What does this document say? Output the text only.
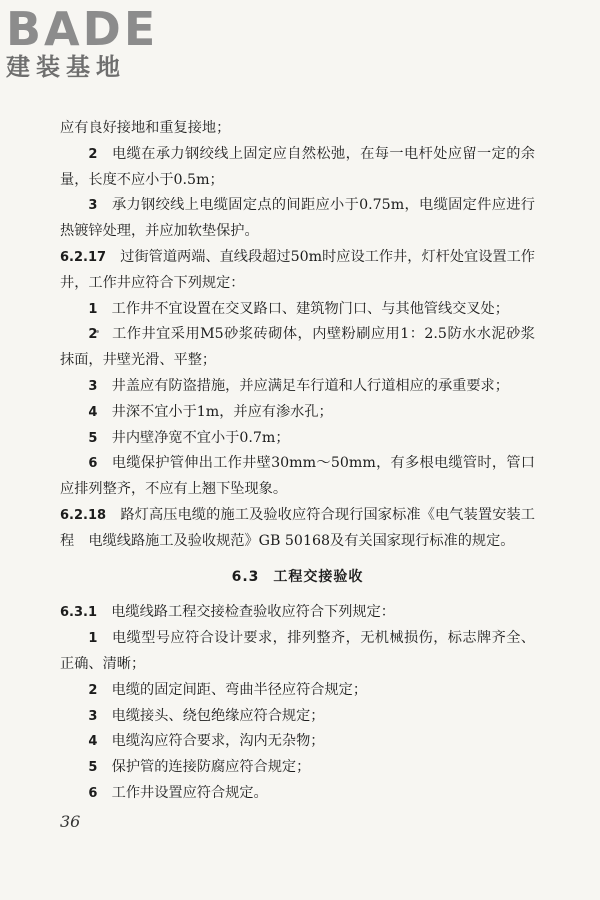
BADE
建装基地

应有良好接地和重复接地；

2  电缆在承力钢绞线上固定应自然松弛，在每一电杆处应留一定的余量，长度不应小于0.5m；

3  承力钢绞线上电缆固定点的间距应小于0.75m，电缆固定件应进行热镀锌处理，并应加软垫保护。

6.2.17  过街管道两端、直线段超过50m时应设工作井，灯杆处宜设置工作井，工作井应符合下列规定：

1  工作井不宜设置在交叉路口、建筑物门口、与其他管线交叉处；

2  工作井宜采用M5砂浆砖砌体，内壁粉刷应用1：2.5防水水泥砂浆抹面，井壁光滑、平整；

3  井盖应有防盗措施，并应满足车行道和人行道相应的承重要求；

4  井深不宜小于1m，并应有渗水孔；

5  井内壁净宽不宜小于0.7m；

6  电缆保护管伸出工作井壁30mm～50mm，有多根电缆管时，管口应排列整齐，不应有上翘下坠现象。

6.2.18  路灯高压电缆的施工及验收应符合现行国家标准《电气装置安装工程　电缆线路施工及验收规范》GB 50168及有关国家现行标准的规定。

6.3 工程交接验收

6.3.1  电缆线路工程交接检查验收应符合下列规定：

1  电缆型号应符合设计要求，排列整齐，无机械损伤，标志牌齐全、正确、清晰；

2  电缆的固定间距、弯曲半径应符合规定；

3  电缆接头、绕包绝缘应符合规定；

4  电缆沟应符合要求，沟内无杂物；

5  保护管的连接防腐应符合规定；

6  工作井设置应符合规定。

36
